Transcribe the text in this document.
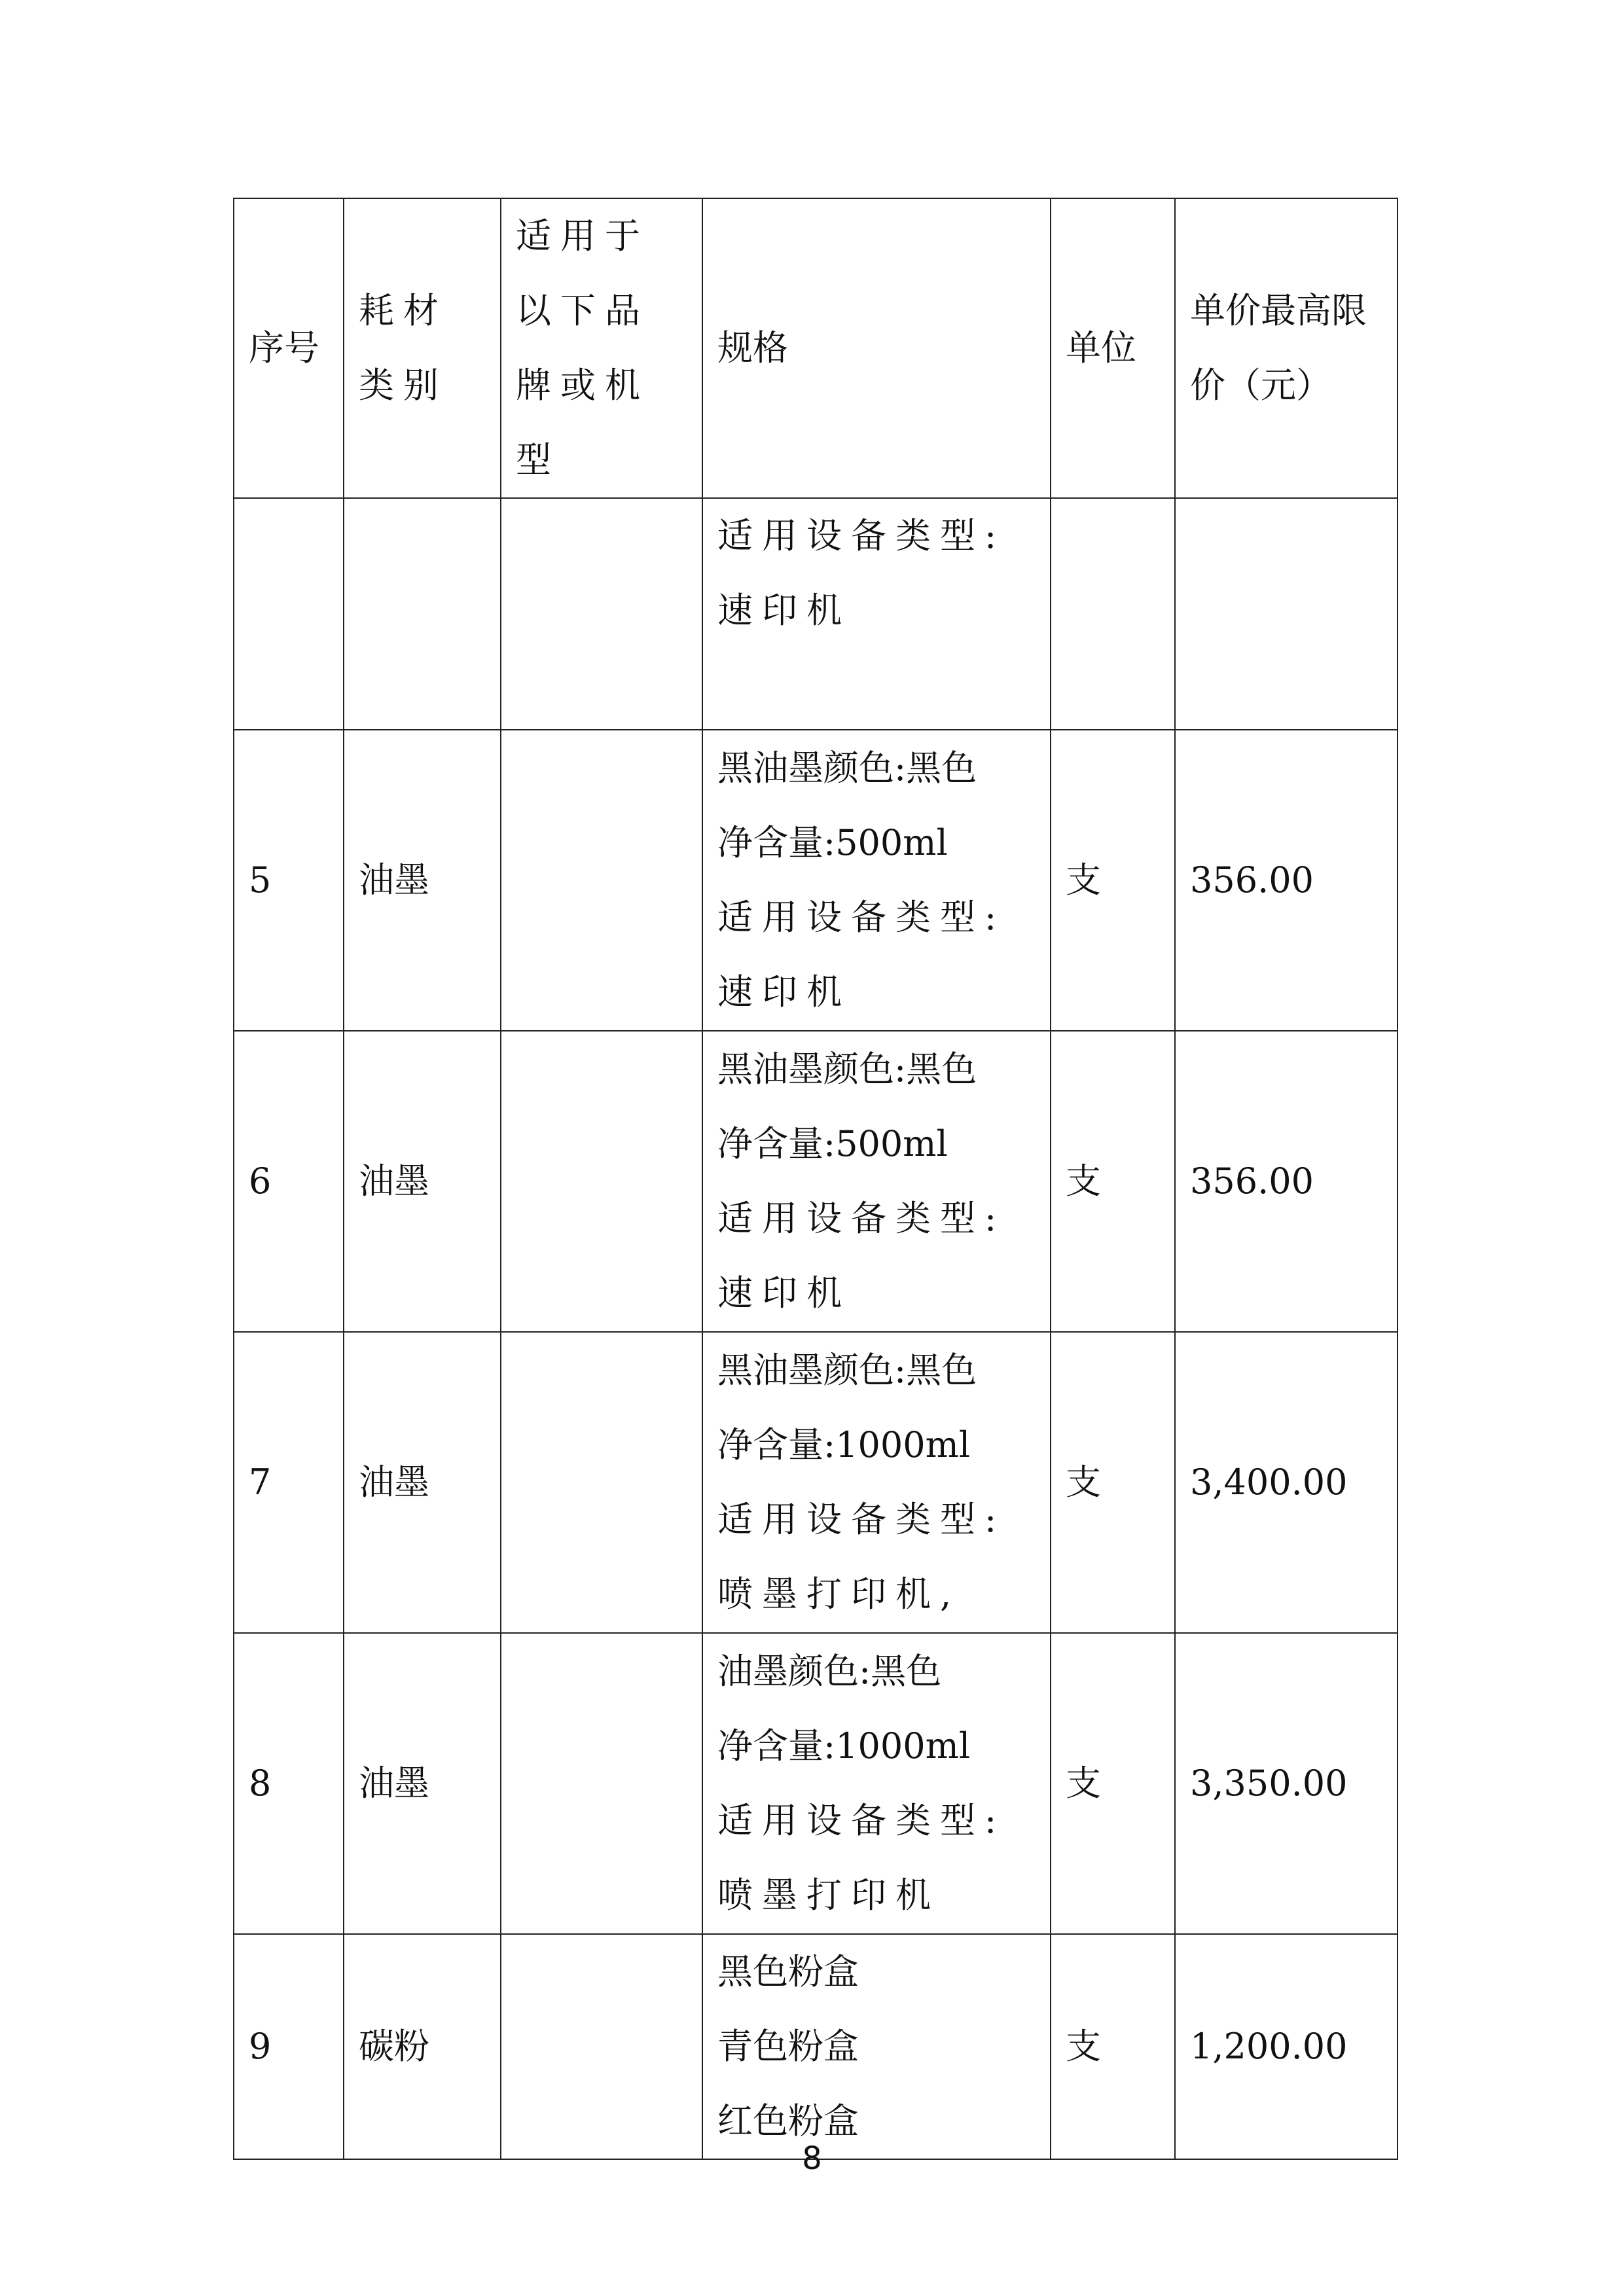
序号	耗材类别	适用于以下品牌或机型	规格	单位	单价最高限价（元）
			适用设备类型:速印机		
5	油墨		黑油墨颜色:黑色
净含量:500ml
适用设备类型:速印机	支	356.00
6	油墨		黑油墨颜色:黑色
净含量:500ml
适用设备类型:速印机	支	356.00
7	油墨		黑油墨颜色:黑色
净含量:1000ml
适用设备类型:喷墨打印机,	支	3,400.00
8	油墨		油墨颜色:黑色
净含量:1000ml
适用设备类型:喷墨打印机	支	3,350.00
9	碳粉		黑色粉盒
青色粉盒
红色粉盒	支	1,200.00
8
